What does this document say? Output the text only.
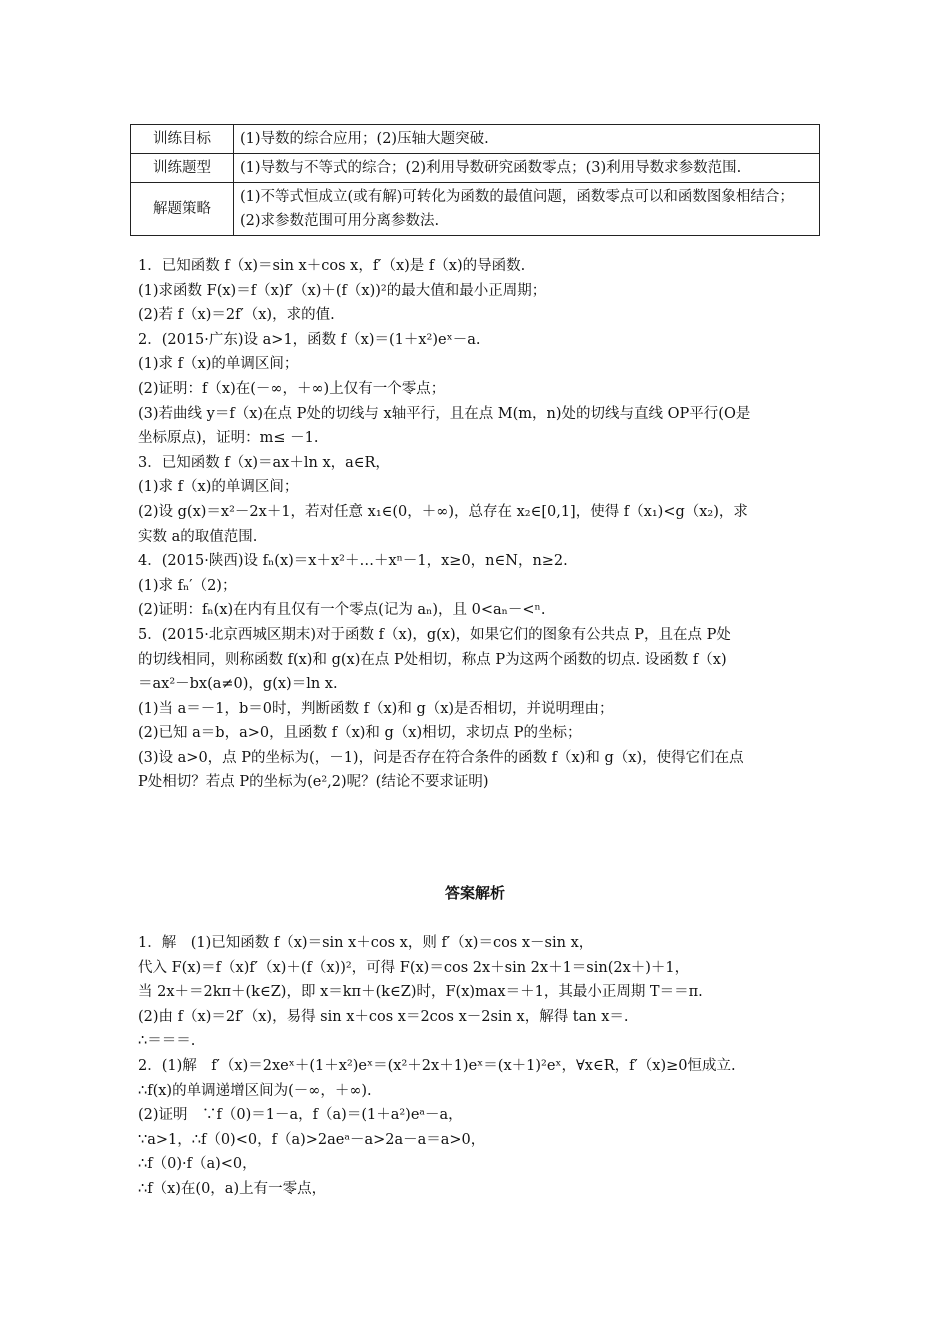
训练目标	(1)导数的综合应用；(2)压轴大题突破.
训练题型	(1)导数与不等式的综合；(2)利用导数研究函数零点；(3)利用导数求参数范围.
解题策略	(1)不等式恒成立(或有解)可转化为函数的最值问题，函数零点可以和函数图象相结合；(2)求参数范围可用分离参数法.

1．已知函数 f（x)＝sin x＋cos x，f′（x)是 f（x)的导函数.

(1)求函数 F(x)＝f（x)f′（x)＋(f（x))²的最大值和最小正周期；

(2)若 f（x)＝2f′（x)，求的值.

2．(2015·广东)设 a>1，函数 f（x)＝(1＋x²)eˣ－a.

(1)求 f（x)的单调区间；

(2)证明：f（x)在(－∞，＋∞)上仅有一个零点；

(3)若曲线 y＝f（x)在点 P处的切线与 x轴平行，且在点 M(m，n)处的切线与直线 OP平行(O是

坐标原点)，证明：m≤ －1.

3．已知函数 f（x)＝ax＋ln x，a∈R，

(1)求 f（x)的单调区间；

(2)设 g(x)＝x²－2x＋1，若对任意 x₁∈(0，＋∞)，总存在 x₂∈[0,1]，使得 f（x₁)<g（x₂)，求

实数 a的取值范围.

4．(2015·陕西)设 fₙ(x)＝x＋x²＋…＋xⁿ－1，x≥0，n∈N，n≥2.

(1)求 fₙ′（2)；

(2)证明：fₙ(x)在内有且仅有一个零点(记为 aₙ)，且 0<aₙ－<ⁿ.

5．(2015·北京西城区期末)对于函数 f（x)，g(x)，如果它们的图象有公共点 P，且在点 P处

的切线相同，则称函数 f(x)和 g(x)在点 P处相切，称点 P为这两个函数的切点. 设函数 f（x)

＝ax²－bx(a≠0)，g(x)＝ln x.

(1)当 a＝－1，b＝0时，判断函数 f（x)和 g（x)是否相切，并说明理由；

(2)已知 a＝b，a>0，且函数 f（x)和 g（x)相切，求切点 P的坐标；

(3)设 a>0，点 P的坐标为(，－1)，问是否存在符合条件的函数 f（x)和 g（x)，使得它们在点

P处相切？若点 P的坐标为(e²,2)呢？(结论不要求证明)

答案解析

1．解　(1)已知函数 f（x)＝sin x＋cos x，则 f′（x)＝cos x－sin x，

代入 F(x)＝f（x)f′（x)＋(f（x))²，可得 F(x)＝cos 2x＋sin 2x＋1＝sin(2x＋)＋1，

当 2x＋＝2kπ＋(k∈Z)，即 x＝kπ＋(k∈Z)时，F(x)max＝＋1，其最小正周期 T＝＝π.

(2)由 f（x)＝2f′（x)，易得 sin x＋cos x＝2cos x－2sin x，解得 tan x＝.

∴＝＝＝.

2．(1)解　f′（x)＝2xeˣ＋(1＋x²)eˣ＝(x²＋2x＋1)eˣ＝(x＋1)²eˣ，∀x∈R，f′（x)≥0恒成立.

∴f(x)的单调递增区间为(－∞，＋∞).

(2)证明　∵f（0)＝1－a，f（a)＝(1＋a²)eᵃ－a，

∵a>1，∴f（0)<0，f（a)>2aeᵃ－a>2a－a＝a>0，

∴f（0)·f（a)<0，

∴f（x)在(0，a)上有一零点，
